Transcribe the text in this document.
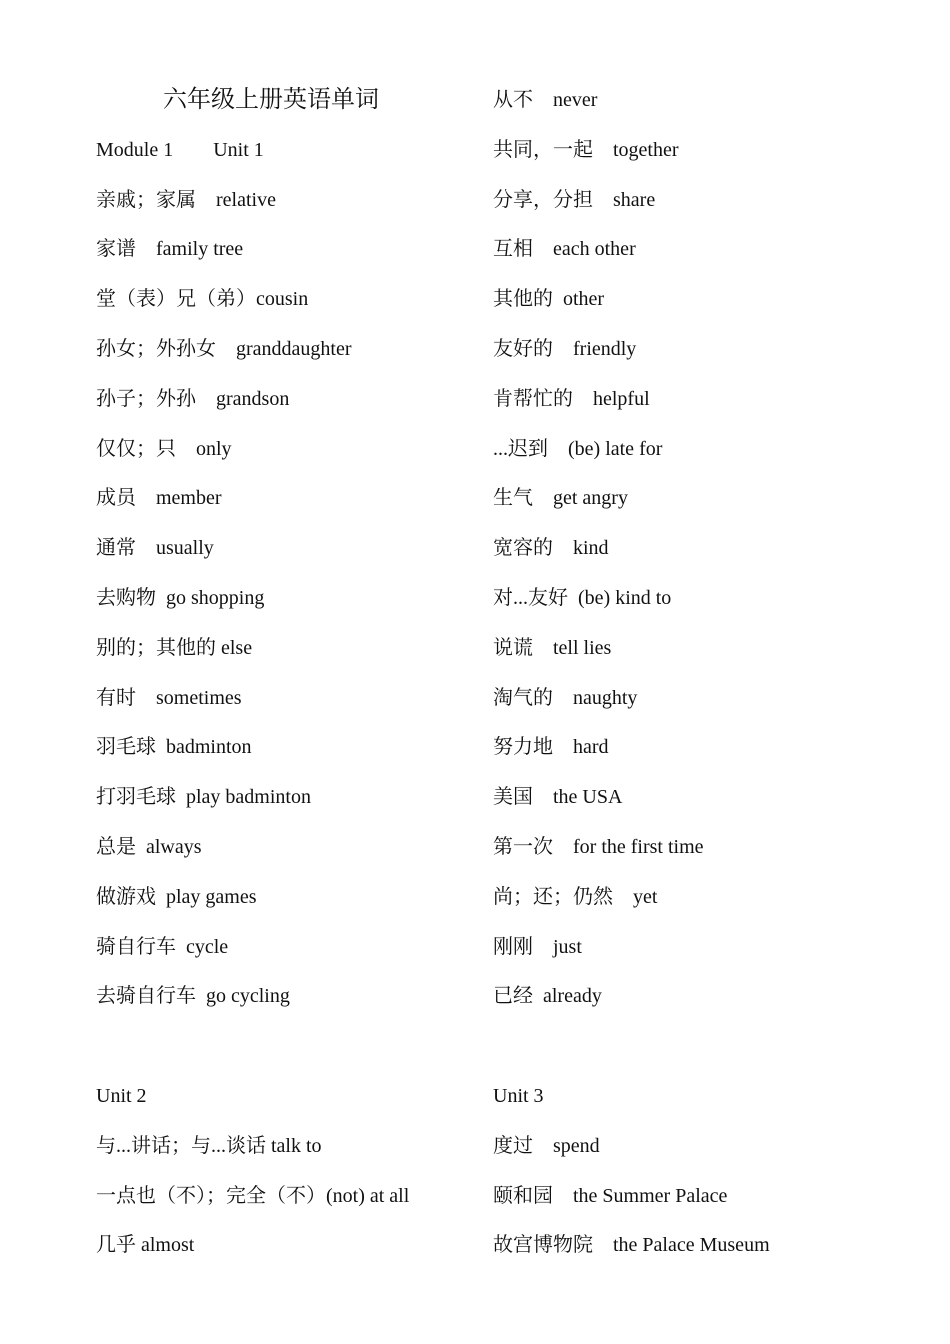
六年级上册英语单词
Module 1        Unit 1
亲戚；家属    relative
家谱    family tree
堂（表）兄（弟）cousin
孙女；外孙女    granddaughter
孙子；外孙    grandson
仅仅；只    only
成员    member
通常    usually
去购物  go shopping
别的；其他的 else
有时    sometimes
羽毛球  badminton
打羽毛球  play badminton
总是  always
做游戏  play games
骑自行车  cycle
去骑自行车  go cycling
Unit 2
与...讲话；与...谈话 talk to
一点也（不）；完全（不）(not) at all
几乎 almost
从不    never
共同，一起    together
分享，分担    share
互相    each other
其他的  other
友好的    friendly
肯帮忙的    helpful
...迟到    (be) late for
生气    get angry
宽容的    kind
对...友好  (be) kind to
说谎    tell lies
淘气的    naughty
努力地    hard
美国    the USA
第一次    for the first time
尚；还；仍然    yet
刚刚    just
已经  already
Unit 3
度过    spend
颐和园    the Summer Palace
故宫博物院    the Palace Museum
